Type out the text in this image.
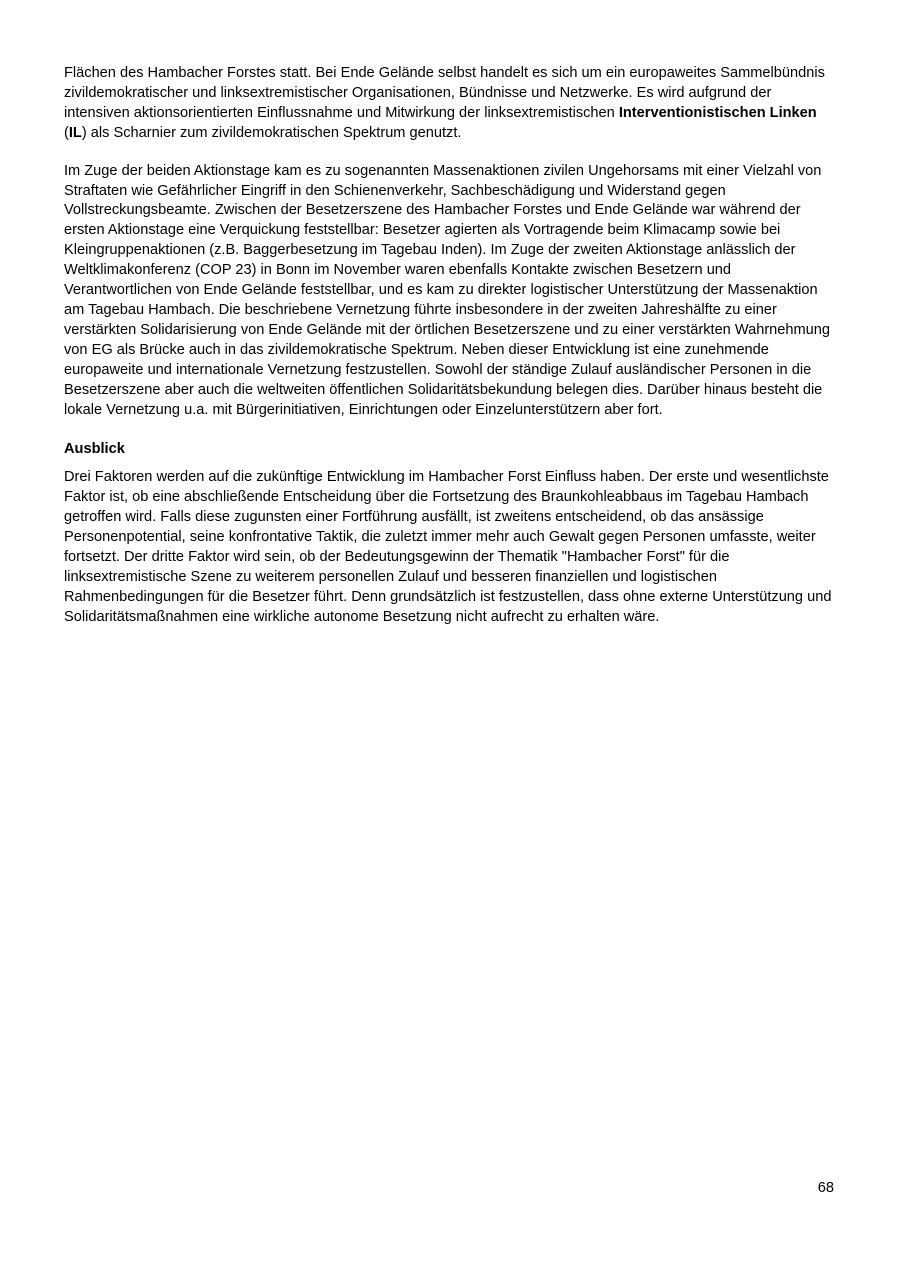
Flächen des Hambacher Forstes statt. Bei Ende Gelände selbst handelt es sich um ein europaweites Sammelbündnis zivildemokratischer und linksextremistischer Organisationen, Bündnisse und Netzwerke. Es wird aufgrund der intensiven aktionsorientierten Einflussnahme und Mitwirkung der linksextremistischen Interventionistischen Linken (IL) als Scharnier zum zivildemokratischen Spektrum genutzt.

Im Zuge der beiden Aktionstage kam es zu sogenannten Massenaktionen zivilen Ungehorsams mit einer Vielzahl von Straftaten wie Gefährlicher Eingriff in den Schienenverkehr, Sachbeschädigung und Widerstand gegen Vollstreckungsbeamte. Zwischen der Besetzerszene des Hambacher Forstes und Ende Gelände war während der ersten Aktionstage eine Verquickung feststellbar: Besetzer agierten als Vortragende beim Klimacamp sowie bei Kleingruppenaktionen (z.B. Baggerbesetzung im Tagebau Inden). Im Zuge der zweiten Aktionstage anlässlich der Weltklimakonferenz (COP 23) in Bonn im November waren ebenfalls Kontakte zwischen Besetzern und Verantwortlichen von Ende Gelände feststellbar, und es kam zu direkter logistischer Unterstützung der Massenaktion am Tagebau Hambach. Die beschriebene Vernetzung führte insbesondere in der zweiten Jahreshälfte zu einer verstärkten Solidarisierung von Ende Gelände mit der örtlichen Besetzerszene und zu einer verstärkten Wahrnehmung von EG als Brücke auch in das zivildemokratische Spektrum. Neben dieser Entwicklung ist eine zunehmende europaweite und internationale Vernetzung festzustellen. Sowohl der ständige Zulauf ausländischer Personen in die Besetzerszene aber auch die weltweiten öffentlichen Solidaritätsbekundung belegen dies. Darüber hinaus besteht die lokale Vernetzung u.a. mit Bürgerinitiativen, Einrichtungen oder Einzelunterstützern aber fort.

Ausblick

Drei Faktoren werden auf die zukünftige Entwicklung im Hambacher Forst Einfluss haben. Der erste und wesentlichste Faktor ist, ob eine abschließende Entscheidung über die Fortsetzung des Braunkohleabbaus im Tagebau Hambach getroffen wird. Falls diese zugunsten einer Fortführung ausfällt, ist zweitens entscheidend, ob das ansässige Personenpotential, seine konfrontative Taktik, die zuletzt immer mehr auch Gewalt gegen Personen umfasste, weiter fortsetzt. Der dritte Faktor wird sein, ob der Bedeutungsgewinn der Thematik "Hambacher Forst" für die linksextremistische Szene zu weiterem personellen Zulauf und besseren finanziellen und logistischen Rahmenbedingungen für die Besetzer führt. Denn grundsätzlich ist festzustellen, dass ohne externe Unterstützung und Solidaritätsmaßnahmen eine wirkliche autonome Besetzung nicht aufrecht zu erhalten wäre.

68
